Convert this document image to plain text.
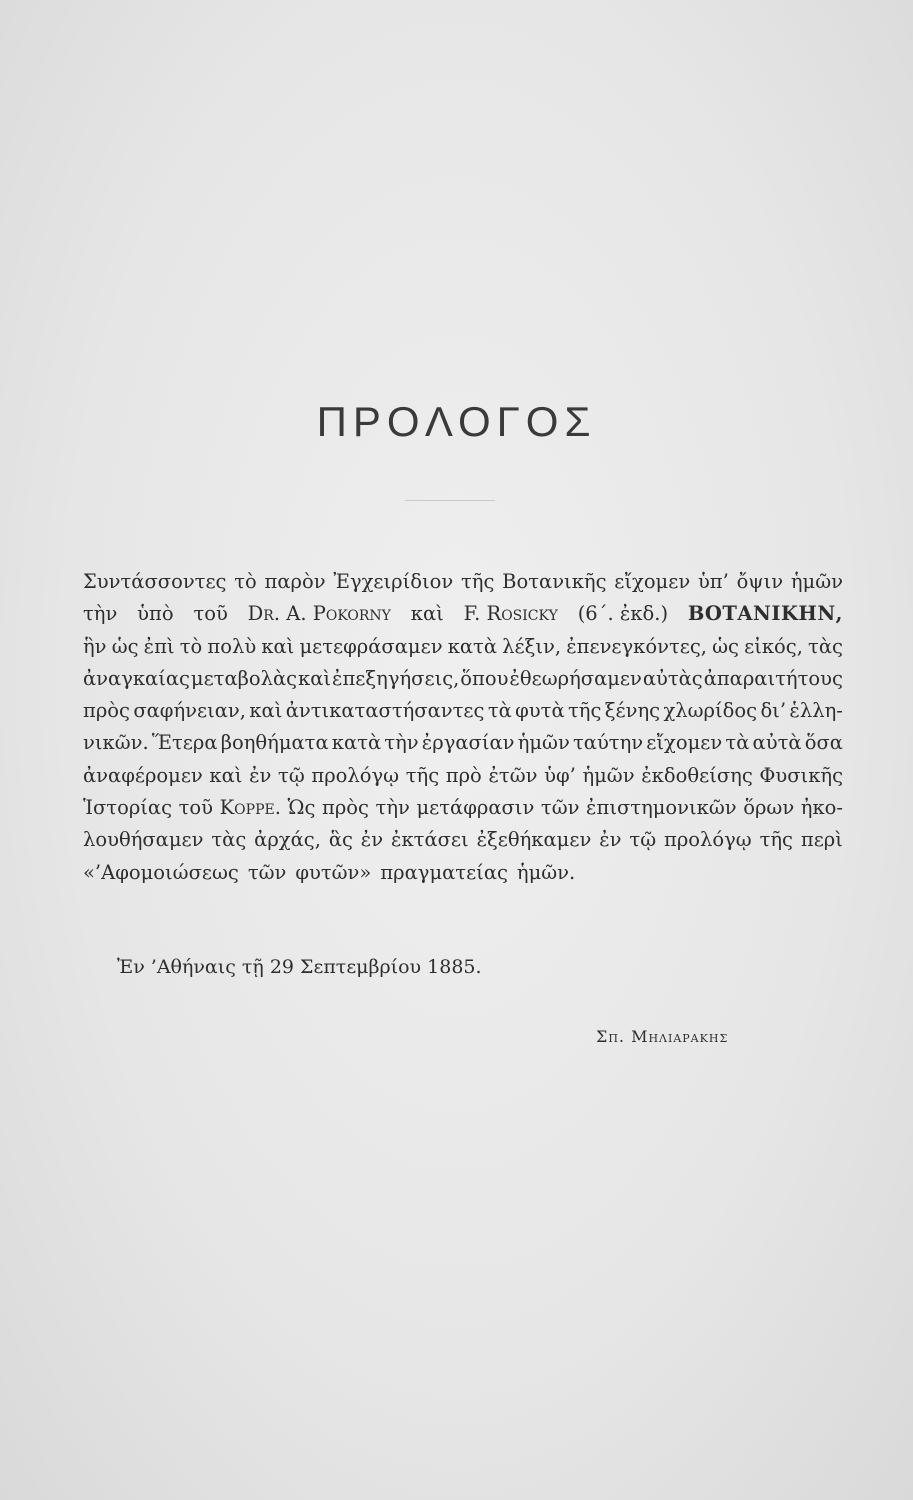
ΠΡΟΛΟΓΟΣ
Συντάσσοντες τὸ παρὸν Ἐγχειρίδιον τῆς Βοτανικῆς εἴχομεν ὑπ’ ὄψιν ἡμῶν
τὴν ὑπὸ τοῦ Dr. A. Pokorny καὶ F. Rosicky (6΄. ἐκδ.) ΒΟΤΑΝΙΚΗΝ,
ἣν ὡς ἐπὶ τὸ πολὺ καὶ μετεφράσαμεν κατὰ λέξιν, ἐπενεγκόντες, ὡς εἰκός, τὰς
ἀναγκαίας μεταβολὰς καὶ ἐπεξηγήσεις, ὅπου ἐθεωρήσαμεν αὐτὰς ἀπαραιτήτους
πρὸς σαφήνειαν, καὶ ἀντικαταστήσαντες τὰ φυτὰ τῆς ξένης χλωρίδος δι’ ἑλλη-
νικῶν. Ἕτερα βοηθήματα κατὰ τὴν ἐργασίαν ἡμῶν ταύτην εἴχομεν τὰ αὐτὰ ὅσα
ἀναφέρομεν καὶ ἐν τῷ προλόγῳ τῆς πρὸ ἐτῶν ὑφ’ ἡμῶν ἐκδοθείσης Φυσικῆς
Ἱστορίας τοῦ Koppe. Ὡς πρὸς τὴν μετάφρασιν τῶν ἐπιστημονικῶν ὅρων ἠκο-
λουθήσαμεν τὰς ἀρχάς, ἃς ἐν ἐκτάσει ἐξεθήκαμεν ἐν τῷ προλόγῳ τῆς περὶ
«’Αφομοιώσεως τῶν φυτῶν» πραγματείας ἡμῶν.
Ἐν ’Αθήναις τῇ 29 Σεπτεμβρίου 1885.
Σπ. Μηλιαρακης
